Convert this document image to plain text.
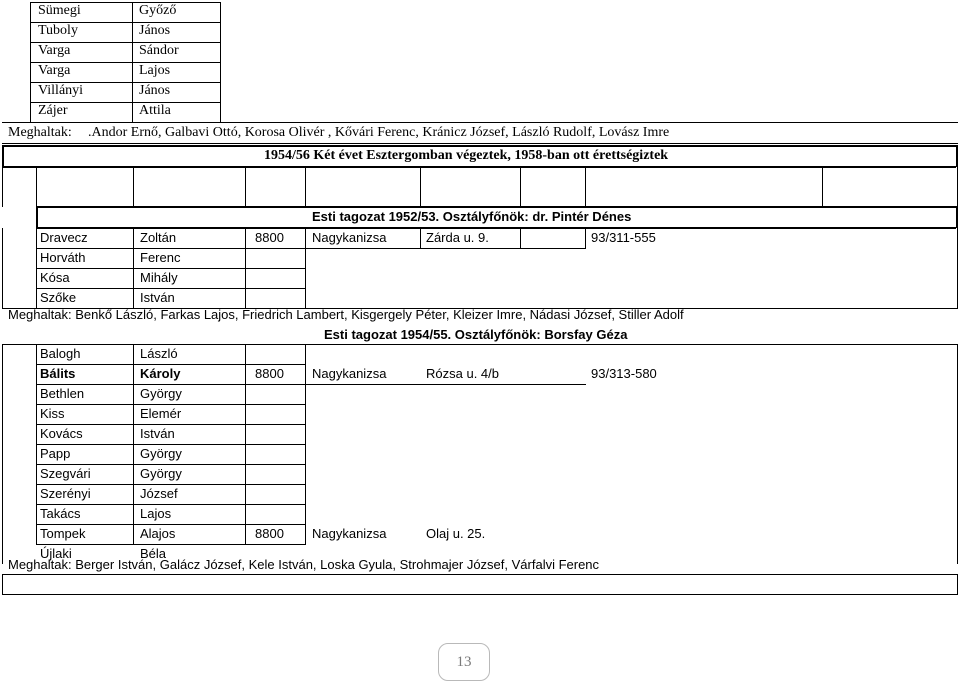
Sümegi	Győző
Tuboly	János
Varga	Sándor
Varga	Lajos
Villányi	János
Zájer	Attila
Meghaltak: .Andor Ernő, Galbavi Ottó, Korosa Olivér , Kővári Ferenc, Kránicz József, László Rudolf, Lovász Imre
1954/56 Két évet Esztergomban végeztek, 1958-ban ott érettségiztek
Esti tagozat 1952/53. Osztályfőnök: dr. Pintér Dénes
Dravecz	Zoltán	8800 Nagykanizsa	Zárda u. 9.	93/311-555
Horváth	Ferenc
Kósa	Mihály
Szőke	István
Meghaltak: Benkő László, Farkas Lajos, Friedrich Lambert, Kisgergely Péter, Kleizer Imre, Nádasi József, Stiller Adolf
Esti tagozat 1954/55. Osztályfőnök: Borsfay Géza
Balogh	László
Bálits	Károly	8800 Nagykanizsa	Rózsa u. 4/b	93/313-580
Bethlen	György
Kiss	Elemér
Kovács	István
Papp	György
Szegvári	György
Szerényi	József
Takács	Lajos
Tompek	Alajos	8800 Nagykanizsa	Olaj u. 25.
Újlaki	Béla
Meghaltak: Berger István, Galácz József, Kele István, Loska Gyula, Strohmajer József, Várfalvi Ferenc
13
